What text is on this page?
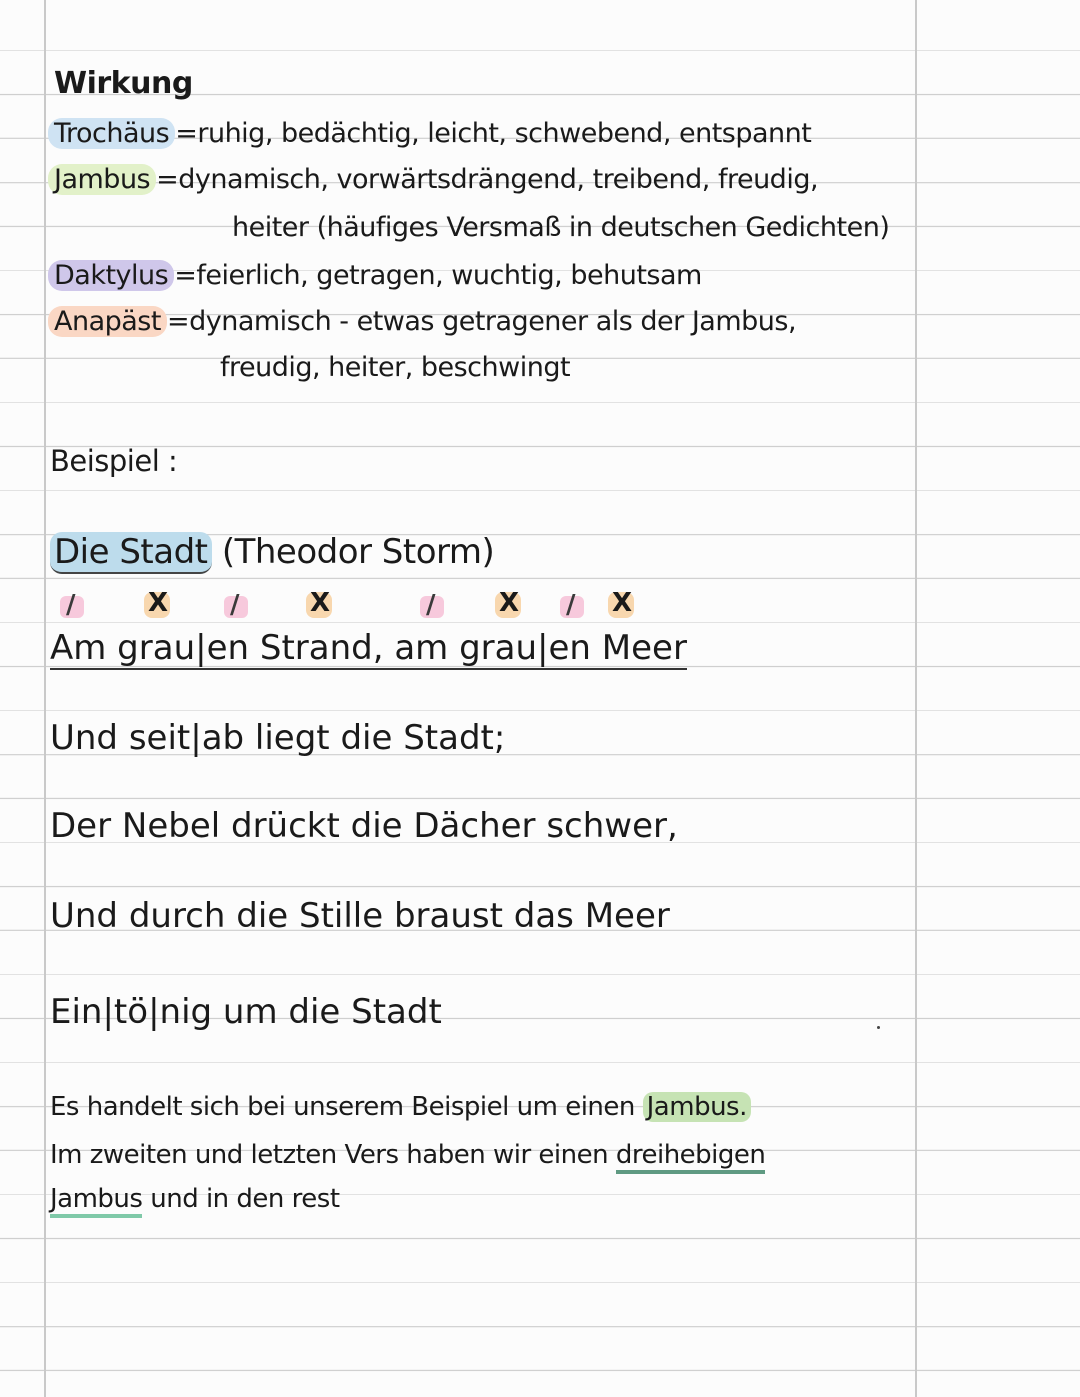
Wirkung
Trochäus =ruhig, bedächtig, leicht, schwebend, entspannt
Jambus =dynamisch, vorwärtsdrängend, treibend, freudig,
heiter (häufiges Versmaß in deutschen Gedichten)
Daktylus =feierlich, getragen, wuchtig, behutsam
Anapäst =dynamisch - etwas getragener als der Jambus,
freudig, heiter, beschwingt
Beispiel :
Die Stadt (Theodor Storm)
/	X /	X	/ X / X
Am grau|en Strand, am grau|en Meer
Und seit|ab liegt die Stadt;
Der Nebel drückt die Dächer schwer,
Und durch die Stille braust das Meer
Ein|tö|nig um die Stadt
Es handelt sich bei unserem Beispiel um einen Jambus.
Im zweiten und letzten Vers haben wir einen dreihebigen
Jambus und in den rest
